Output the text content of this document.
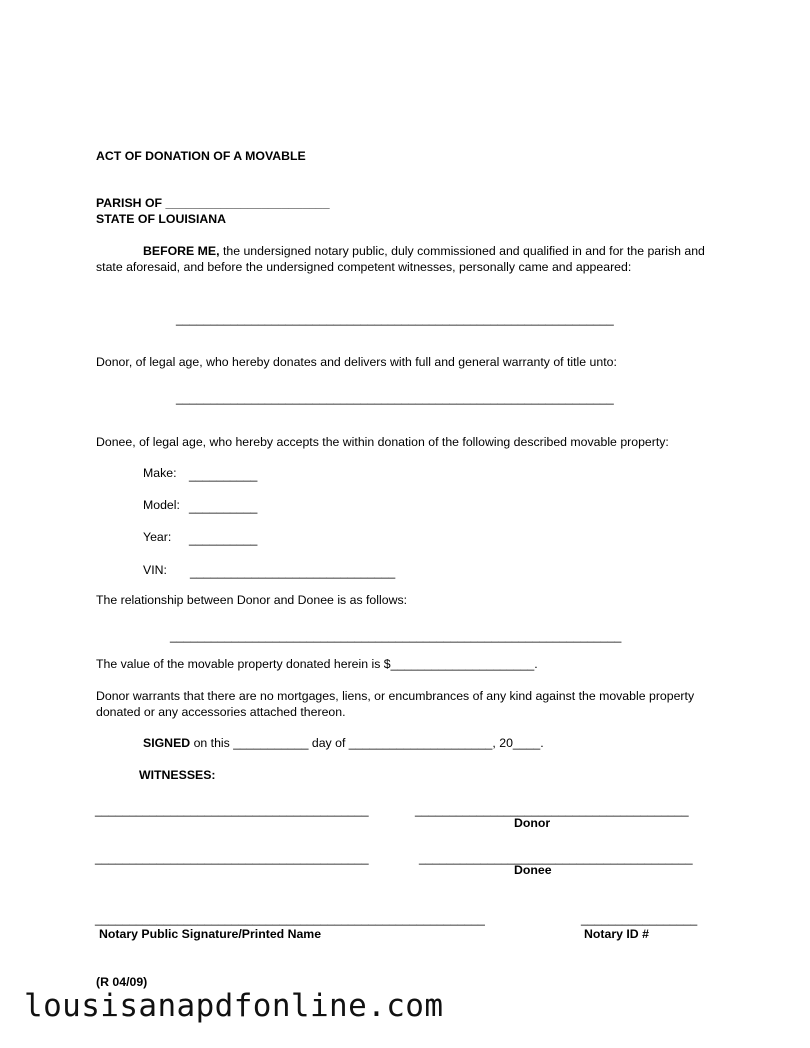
ACT OF DONATION OF A MOVABLE
PARISH OF ________________________
STATE OF LOUISIANA
BEFORE ME, the undersigned notary public, duly commissioned and qualified in and for the parish and state aforesaid, and before the undersigned competent witnesses, personally came and appeared:
________________________________________________________________
Donor, of legal age, who hereby donates and delivers with full and general warranty of title unto:
________________________________________________________________
Donee, of legal age, who hereby accepts the within donation of the following described movable property:
Make: __________
Model: __________
Year: __________
VIN: ______________________________
The relationship between Donor and Donee is as follows:
__________________________________________________________________
The value of the movable property donated herein is $_____________________.
Donor warrants that there are no mortgages, liens, or encumbrances of any kind against the movable property donated or any accessories attached thereon.
SIGNED on this ___________ day of _____________________, 20____.
WITNESSES:
________________________________________	________________________________________
Donor
________________________________________	________________________________________
Donee
_________________________________________________________	_________________
Notary Public Signature/Printed Name	Notary ID #
(R 04/09)
lousisanapdfonline.com
